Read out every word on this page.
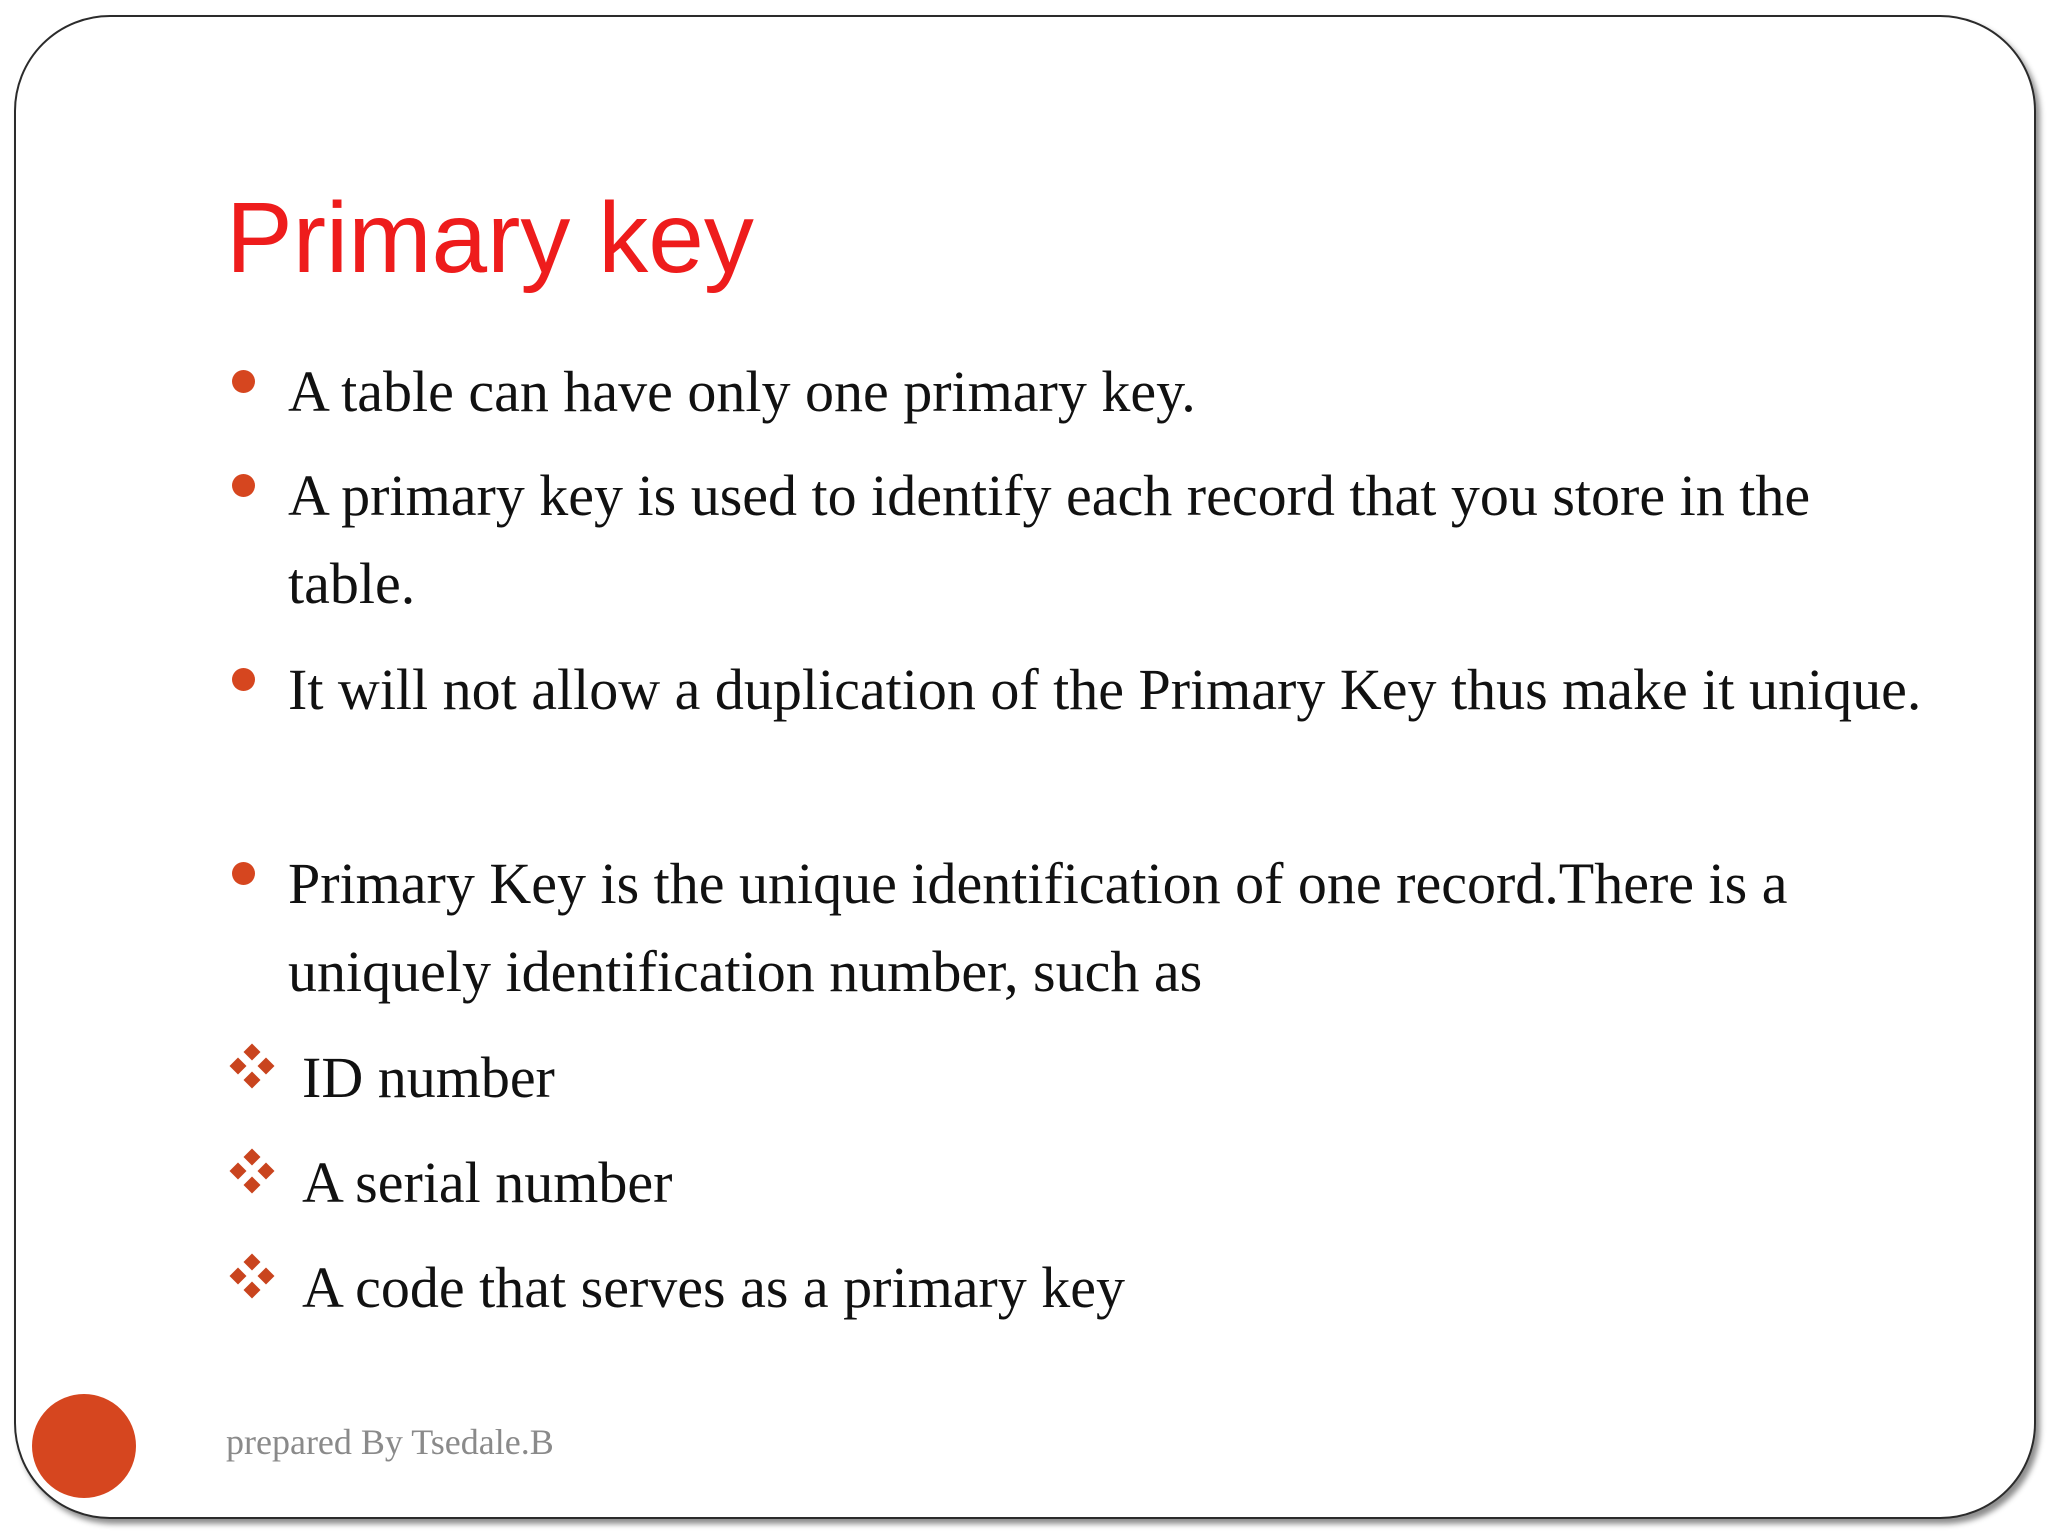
Primary key

A table can have only one primary key.

A primary key is used to identify each record that you store in the table.

It will not allow a duplication of the Primary Key thus make it unique.

Primary Key is the unique identification of one record.There is a uniquely identification number, such as

ID number

A serial number

A code that serves as a primary key

prepared By Tsedale.B
